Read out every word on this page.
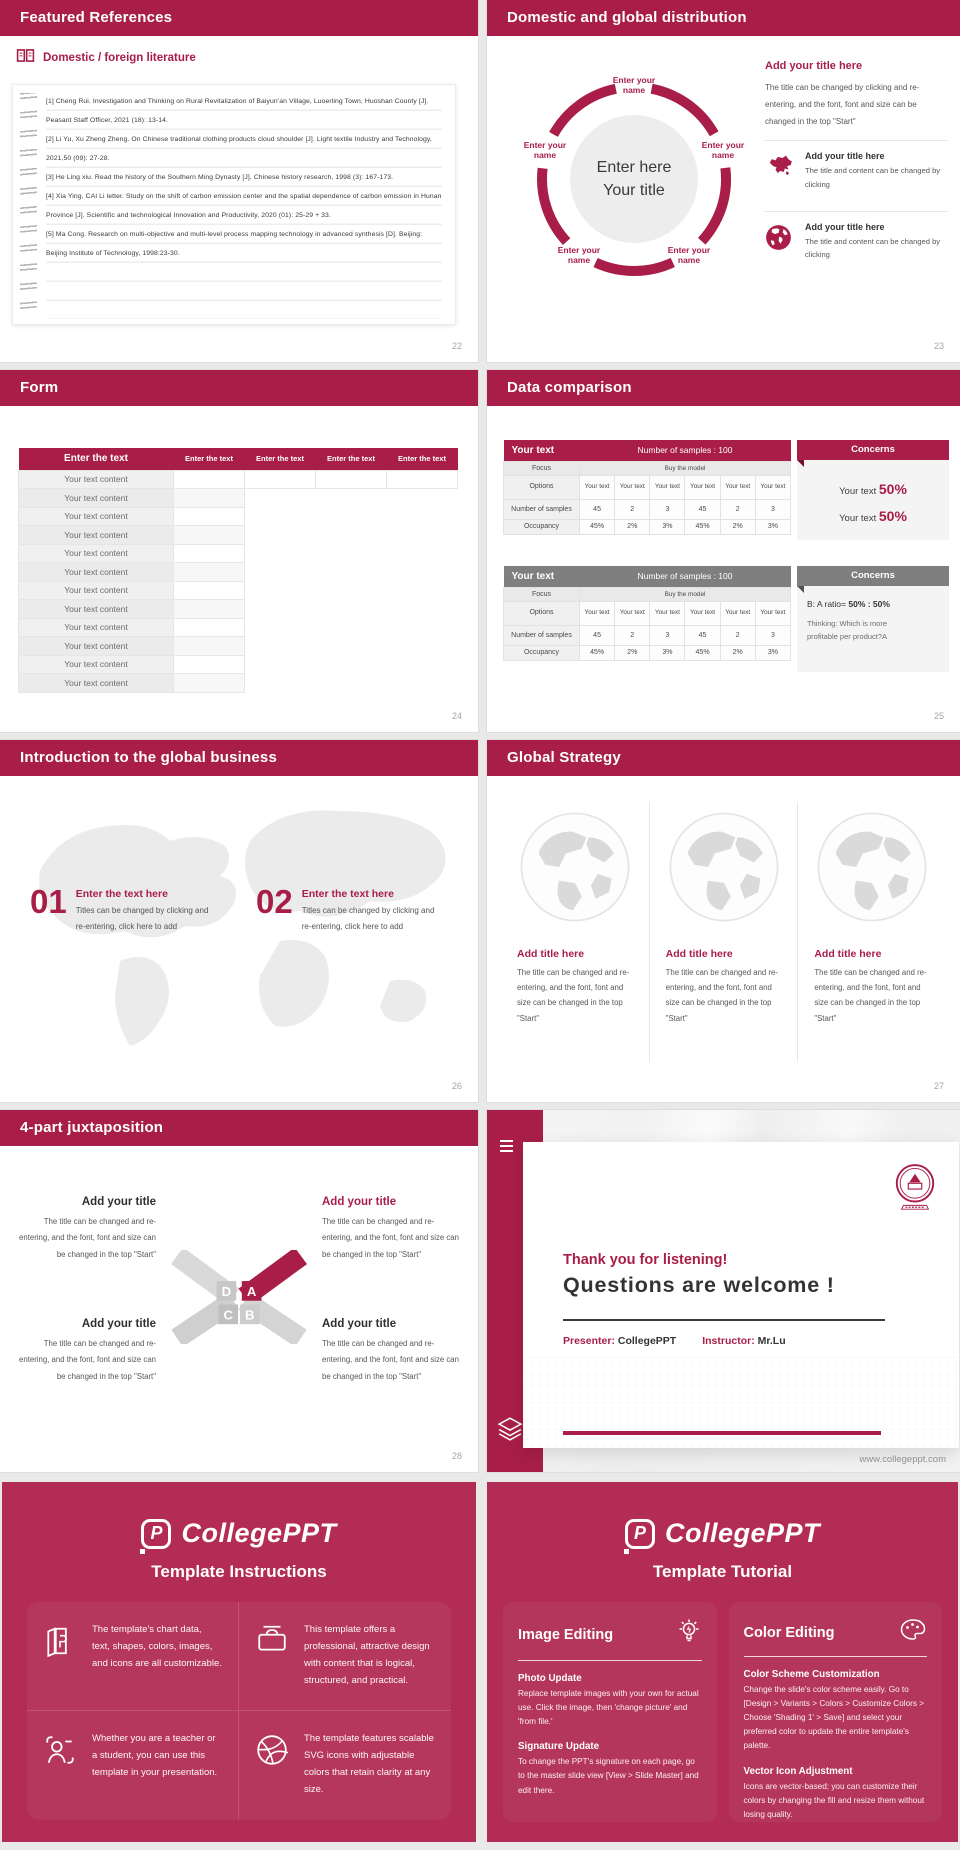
Featured References
Domestic / foreign literature

[1] Cheng Rui. Investigation and Thinking on Rural Revitalization of Baiyun'an Village, Luoerling Town, Huoshan County [J]. Peasant Staff Officer, 2021 (18): 13-14.

[2] Li Yu, Xu Zheng Zheng. On Chinese traditional clothing products cloud shoulder [J]. Light textile Industry and Technology, 2021,50 (09): 27-28.

[3] He Ling xiu. Read the history of the Southern Ming Dynasty [J]. Chinese history research, 1998 (3): 167-173.

[4] Xia Ying, CAI Li letter. Study on the shift of carbon emission center and the spatial dependence of carbon emission in Hunan Province [J]. Scientific and technological Innovation and Productivity, 2020 (01): 25-29 + 33.

[5] Ma Cong. Research on multi-objective and multi-level process mapping technology in advanced synthesis [D]. Beijing: Beijing Institute of Technology, 1998:23-30.

22
Domestic and global distribution
Enter here
Your title
Enter your name
Enter your name
Enter your name
Enter your name
Enter your name
Add your title here
The title can be changed by clicking and re-entering, and the font, font and size can be changed in the top "Start"
Add your title here

The title and content can be changed by clicking

Add your title here

The title and content can be changed by clicking

23
Form
Enter the text	Enter the text	Enter the text	Enter the text	Enter the text
Your text content				
Your text content				
Your text content				
Your text content				
Your text content				
Your text content				
Your text content				
Your text content				
Your text content				
Your text content				
Your text content				
Your text content				
24
Data comparison
Your text	Number of samples : 100					
Focus	Buy the model					
Options	Your text	Your text	Your text	Your text	Your text	Your text
Number of samples	45	2	3	45	2	3
Occupancy	45%	2%	3%	45%	2%	3%
Your text	Number of samples : 100					
Focus	Buy the model					
Options	Your text	Your text	Your text	Your text	Your text	Your text
Number of samples	45	2	3	45	2	3
Occupancy	45%	2%	3%	45%	2%	3%
Concerns
Your text 50%
Your text 50%
Concerns
B: A ratio= 50% : 50%
Thinking: Which is more profitable per product?A
25
Introduction to the global business
01 Enter the text here

Titles can be changed by clicking and re-entering, click here to add

02 Enter the text here

Titles can be changed by clicking and re-entering, click here to add

26
Global Strategy
Add title here

The title can be changed and re-entering, and the font, font and size can be changed in the top "Start"

Add title here

The title can be changed and re-entering, and the font, font and size can be changed in the top "Start"

Add title here

The title can be changed and re-entering, and the font, font and size can be changed in the top "Start"

27
4-part juxtaposition
Add your title

The title can be changed and re-entering, and the font, font and size can be changed in the top "Start"

Add your title

The title can be changed and re-entering, and the font, font and size can be changed in the top "Start"

Add your title

The title can be changed and re-entering, and the font, font and size can be changed in the top "Start"

Add your title

The title can be changed and re-entering, and the font, font and size can be changed in the top "Start"

D A
C B
28
Thank you for listening!
Questions are welcome !
Presenter: CollegePPT Instructor: Mr.Lu
www.collegeppt.com
P CollegePPT
Template Instructions

The template's chart data, text, shapes, colors, images, and icons are all customizable.

This template offers a professional, attractive design with content that is logical, structured, and practical.

Whether you are a teacher or a student, you can use this template in your presentation.

The template features scalable SVG icons with adjustable colors that retain clarity at any size.

P CollegePPT
Template Tutorial
Image Editing
Photo Update
Replace template images with your own for actual use. Click the image, then 'change picture' and 'from file.'
Signature Update
To change the PPT's signature on each page, go to the master slide view [View > Slide Master] and edit there.
Color Editing
Color Scheme Customization
Change the slide's color scheme easily. Go to [Design > Variants > Colors > Customize Colors > Choose 'Shading 1' > Save] and select your preferred color to update the entire template's palette.
Vector Icon Adjustment
Icons are vector-based; you can customize their colors by changing the fill and resize them without losing quality.
